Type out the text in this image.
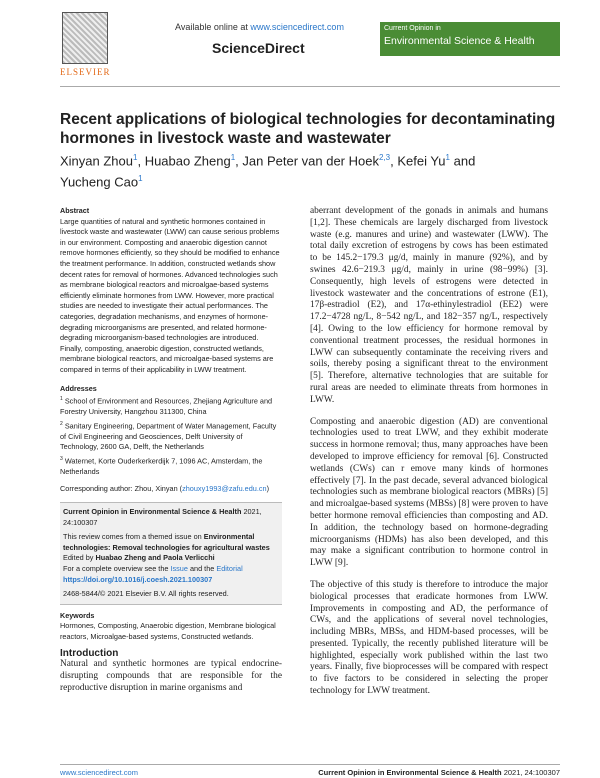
ELSEVIER
Available online at www.sciencedirect.com
ScienceDirect
Current Opinion in
Environmental Science & Health
Recent applications of biological technologies for decontaminating hormones in livestock waste and wastewater
Xinyan Zhou$^1$, Huabao Zheng$^1$, Jan Peter van der Hoek$^{2,3}$, Kefei Yu$^1$ and
Yucheng Cao$^1$
Abstract

Large quantities of natural and synthetic hormones contained in livestock waste and wastewater (LWW) can cause serious problems in our environment. Composting and anaerobic digestion cannot remove hormones efficiently, so they should be modified to enhance the treatment performance. In addition, constructed wetlands show decent rates for removal of hormones. Advanced technologies such as membrane biological reactors and microalgae-based systems efficiently eliminate hormones from LWW. However, more practical studies are needed to investigate their actual performances. The categories, degradation mechanisms, and enzymes of hormone-degrading microorganisms are presented, and related hormone-degrading microorganism-based technologies are introduced. Finally, composting, anaerobic digestion, constructed wetlands, membrane biological reactors, and microalgae-based systems are compared in terms of their applicability in LWW treatment.

Addresses
$^1$ School of Environment and Resources, Zhejiang Agriculture and Forestry University, Hangzhou 311300, China
$^2$ Sanitary Engineering, Department of Water Management, Faculty of Civil Engineering and Geosciences, Delft University of Technology, 2600 GA, Delft, the Netherlands
$^3$ Waternet, Korte Ouderkerkerdijk 7, 1096 AC, Amsterdam, the Netherlands
Corresponding author: Zhou, Xinyan (zhouxy1993@zafu.edu.cn)
Current Opinion in Environmental Science & Health 2021, 24:100307
This review comes from a themed issue on Environmental technologies: Removal technologies for agricultural wastes
Edited by Huabao Zheng and Paola Verlicchi
For a complete overview see the Issue and the Editorial
https://doi.org/10.1016/j.coesh.2021.100307
2468-5844/© 2021 Elsevier B.V. All rights reserved.
Keywords

Hormones, Composting, Anaerobic digestion, Membrane biological reactors, Microalgae-based systems, Constructed wetlands.

Introduction

Natural and synthetic hormones are typical endocrine-disrupting compounds that are responsible for the reproductive disruption in marine organisms and

aberrant development of the gonads in animals and humans [1,2]. These chemicals are largely discharged from livestock waste (e.g. manures and urine) and wastewater (LWW). The total daily excretion of estrogens by cows has been estimated to be 145.2−179.3 μg/d, mainly in manure (92%), and by swines 42.6−219.3 μg/d, mainly in urine (98−99%) [3]. Consequently, high levels of estrogens were detected in livestock wastewater and the concentrations of estrone (E1), 17β-estradiol (E2), and 17α-ethinylestradiol (EE2) were 17.2−4728 ng/L, 8−542 ng/L, and 182−357 ng/L, respectively [4]. Owing to the low efficiency for hormone removal by conventional treatment processes, the residual hormones in LWW can subsequently contaminate the receiving rivers and soils, thereby posing a significant threat to the environment [5]. Therefore, alternative technologies that are suitable for rural areas are needed to eliminate threats from hormones in LWW.

Composting and anaerobic digestion (AD) are conventional technologies used to treat LWW, and they exhibit moderate success in hormone removal; thus, many approaches have been developed to improve efficiency for removal [6]. Constructed wetlands (CWs) can r emove many kinds of hormones effectively [7]. In the past decade, several advanced biological technologies such as membrane biological reactors (MBRs) [5] and microalgae-based systems (MBSs) [8] were proven to have better hormone removal efficiencies than composting and AD. In addition, the technology based on hormone-degrading microorganisms (HDMs) has also been developed, and this may make a significant contribution to hormone control in LWW [9].

The objective of this study is therefore to introduce the major biological processes that eradicate hormones from LWW. Improvements in composting and AD, the performance of CWs, and the applications of several novel technologies, including MBRs, MBSs, and HDM-based processes, will be presented. Typically, the recently published literature will be highlighted, especially work published within the last two years. Finally, five bioprocesses will be compared with respect to five factors to be considered in selecting the proper technology for LWW treatment.

www.sciencedirect.com	Current Opinion in Environmental Science & Health 2021, 24:100307
